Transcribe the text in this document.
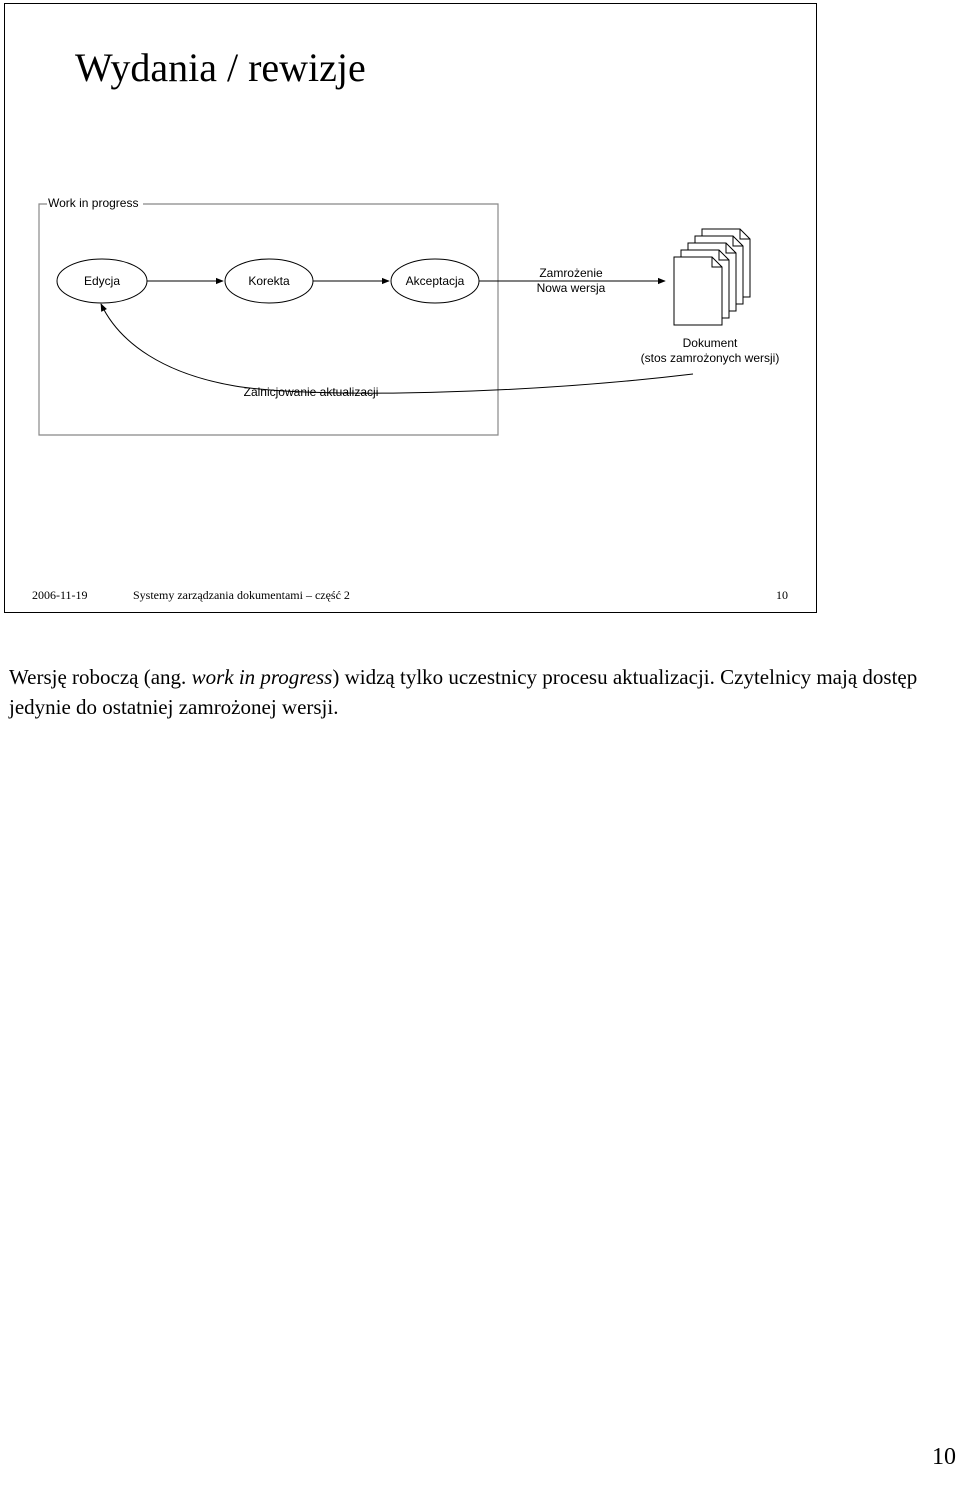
Wydania / rewizje
Work in progress
Edycja	Korekta	Akceptacja
Zamrożenie
Nowa wersja
Dokument
(stos zamrożonych wersji)
Zainicjowanie aktualizacji
2006-11-19	Systemy zarządzania dokumentami – część 2	10
Wersję roboczą (ang. work in progress) widzą tylko uczestnicy procesu aktualizacji. Czytelnicy mają dostęp jedynie do ostatniej zamrożonej wersji.
10
